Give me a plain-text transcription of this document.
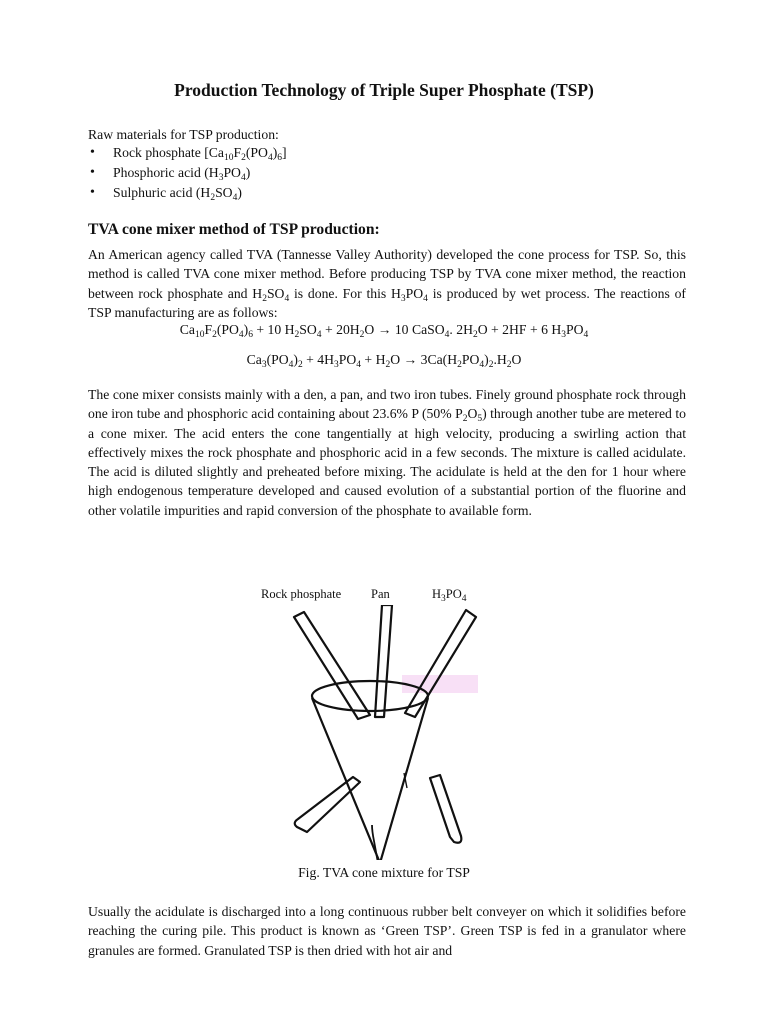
Production Technology of Triple Super Phosphate (TSP)
Raw materials for TSP production:
• Rock phosphate $[Ca_{10}F_2(PO_4)_6]$
• Phosphoric acid $(H_3PO_4)$
• Sulphuric acid $(H_2SO_4)$
TVA cone mixer method of TSP production:
An American agency called TVA (Tannesse Valley Authority) developed the cone process for TSP. So, this method is called TVA cone mixer method. Before producing TSP by TVA cone mixer method, the reaction between rock phosphate and $H_2SO_4$ is done. For this $H_3PO_4$ is produced by wet process. The reactions of TSP manufacturing are as follows:
$Ca_{10}F_2(PO_4)_6 + 10$ $H_2SO_4 + 20H_2O \to 10$ CaSO$_4$. $2H_2O + 2HF + 6$ $H_3PO_4$
$Ca_3(PO_4)_2 + 4H_3PO_4 + H_2O \to 3Ca(H_2PO_4)_2.H_2O$
The cone mixer consists mainly with a den, a pan, and two iron tubes. Finely ground phosphate rock through one iron tube and phosphoric acid containing about 23.6% P (50% $P_2O_5$) through another tube are metered to a cone mixer. The acid enters the cone tangentially at high velocity, producing a swirling action that effectively mixes the rock phosphate and phosphoric acid in a few seconds. The mixture is called acidulate. The acid is diluted slightly and preheated before mixing. The acidulate is held at the den for 1 hour where high endogenous temperature developed and caused evolution of a substantial portion of the fluorine and other volatile impurities and rapid conversion of the phosphate to available form.
Rock phosphate Pan	$H_3PO_4$
Fig. TVA cone mixture for TSP
Usually the acidulate is discharged into a long continuous rubber belt conveyer on which it solidifies before reaching the curing pile. This product is known as ‘Green TSP’. Green TSP is fed in a granulator where granules are formed. Granulated TSP is then dried with hot air and
